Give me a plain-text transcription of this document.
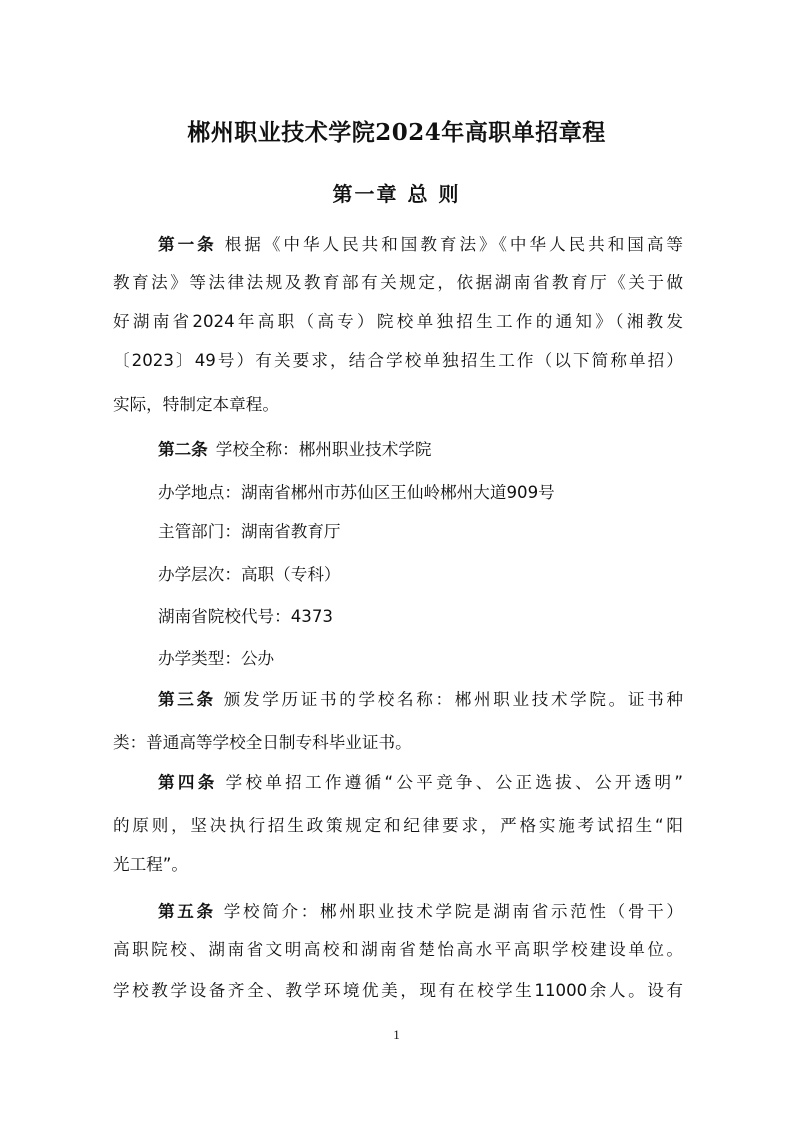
郴州职业技术学院2024年高职单招章程
第一章 总 则
第一条 根据《中华人民共和国教育法》《中华人民共和国高等
教育法》等法律法规及教育部有关规定，依据湖南省教育厅《关于做
好湖南省2024年高职（高专）院校单独招生工作的通知》（湘教发
〔2023〕49号）有关要求，结合学校单独招生工作（以下简称单招）
实际，特制定本章程。
第二条 学校全称：郴州职业技术学院
办学地点：湖南省郴州市苏仙区王仙岭郴州大道909号
主管部门：湖南省教育厅
办学层次：高职（专科）
湖南省院校代号：4373
办学类型：公办
第三条 颁发学历证书的学校名称：郴州职业技术学院。证书种
类：普通高等学校全日制专科毕业证书。
第四条 学校单招工作遵循“公平竞争、公正选拔、公开透明”
的原则，坚决执行招生政策规定和纪律要求，严格实施考试招生“阳
光工程”。
第五条 学校简介：郴州职业技术学院是湖南省示范性（骨干）
高职院校、湖南省文明高校和湖南省楚怡高水平高职学校建设单位。
学校教学设备齐全、教学环境优美，现有在校学生11000余人。设有
1
